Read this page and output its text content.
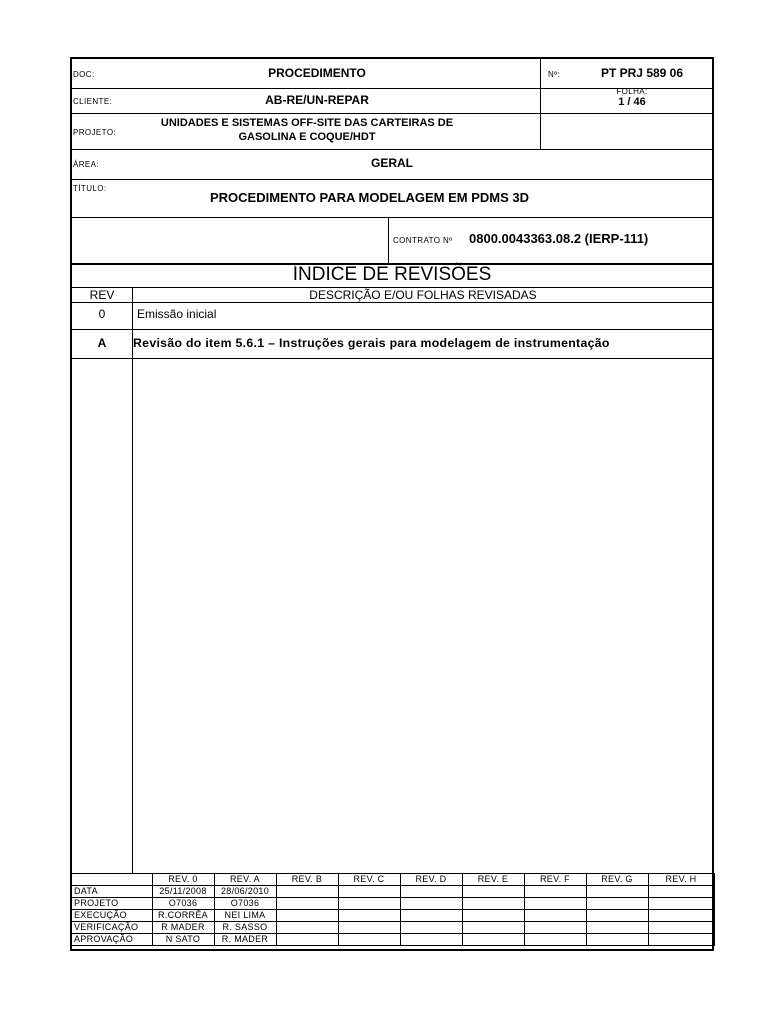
DOC:	PROCEDIMENTO	Nº:	PT PRJ 589 06
CLIENTE:	AB-RE/UN-REPAR
FOLHA:
1 / 46
PROJETO:
UNIDADES E SISTEMAS OFF-SITE DAS CARTEIRAS DE
GASOLINA E COQUE/HDT
ÁREA:	GERAL
TÍTULO:
PROCEDIMENTO PARA MODELAGEM EM PDMS 3D
CONTRATO Nº 0800.0043363.08.2 (IERP-111)
ÍNDICE DE REVISÕES
REV	DESCRIÇÃO E/OU FOLHAS REVISADAS
0	Emissão inicial
A	Revisão do item 5.6.1 – Instruções gerais para modelagem de instrumentação
	REV. 0	REV. A	REV. B	REV. C	REV. D	REV. E	REV. F	REV. G	REV. H
DATA	25/11/2008	28/06/2010							
PROJETO	O7036	O7036							
EXECUÇÃO	R.CORRÊA	NEI LIMA							
VERIFICAÇÃO	R MADER	R. SASSO							
APROVAÇÃO	N SATO	R. MADER							
